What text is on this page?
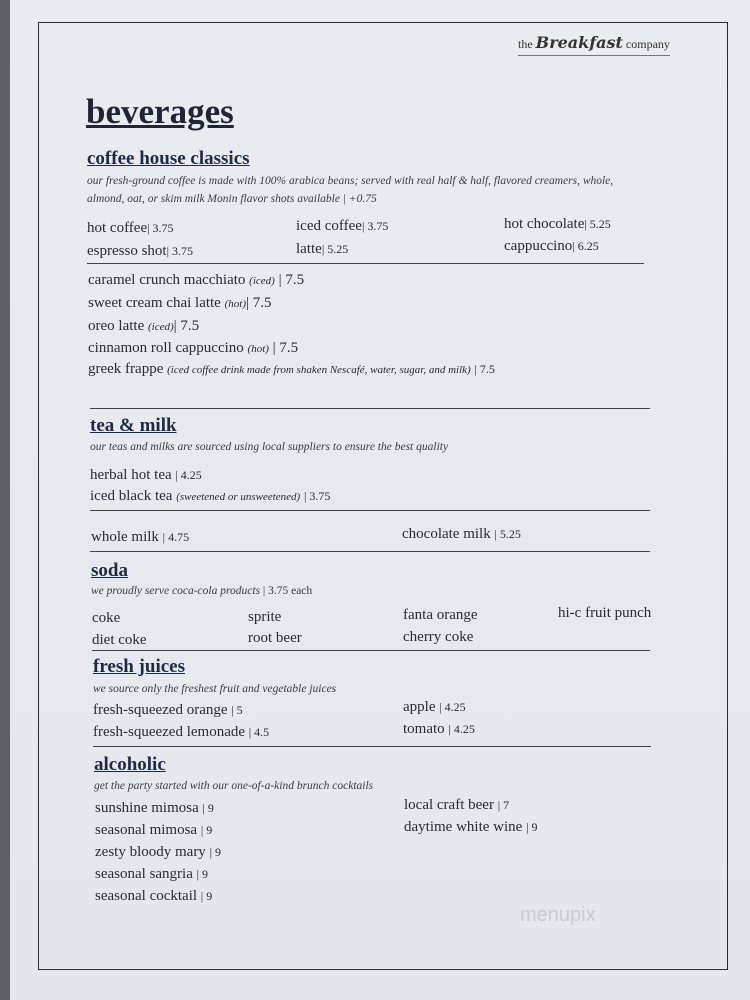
the Breakfast company
beverages
coffee house classics
our fresh-ground coffee is made with 100% arabica beans; served with real half & half, flavored creamers, whole,
almond, oat, or skim milk Monin flavor shots available | +0.75
hot coffee| 3.75	iced coffee| 3.75	hot chocolate| 5.25
espresso shot| 3.75	latte| 5.25	cappuccino| 6.25
caramel crunch macchiato (iced) | 7.5
sweet cream chai latte (hot)| 7.5
oreo latte (iced)| 7.5
cinnamon roll cappuccino (hot) | 7.5
greek frappe (iced coffee drink made from shaken Nescafé, water, sugar, and milk) | 7.5
tea & milk
our teas and milks are sourced using local suppliers to ensure the best quality
herbal hot tea | 4.25
iced black tea (sweetened or unsweetened) | 3.75
whole milk | 4.75	chocolate milk | 5.25
soda
we proudly serve coca-cola products | 3.75 each
coke	sprite	fanta orange	hi-c fruit punch
diet coke	root beer	cherry coke
fresh juices
we source only the freshest fruit and vegetable juices
fresh-squeezed orange | 5	apple | 4.25
fresh-squeezed lemonade | 4.5	tomato | 4.25
alcoholic
get the party started with our one-of-a-kind brunch cocktails
sunshine mimosa | 9	local craft beer | 7
seasonal mimosa | 9	daytime white wine | 9
zesty bloody mary | 9
seasonal sangria | 9
seasonal cocktail | 9
menupix
